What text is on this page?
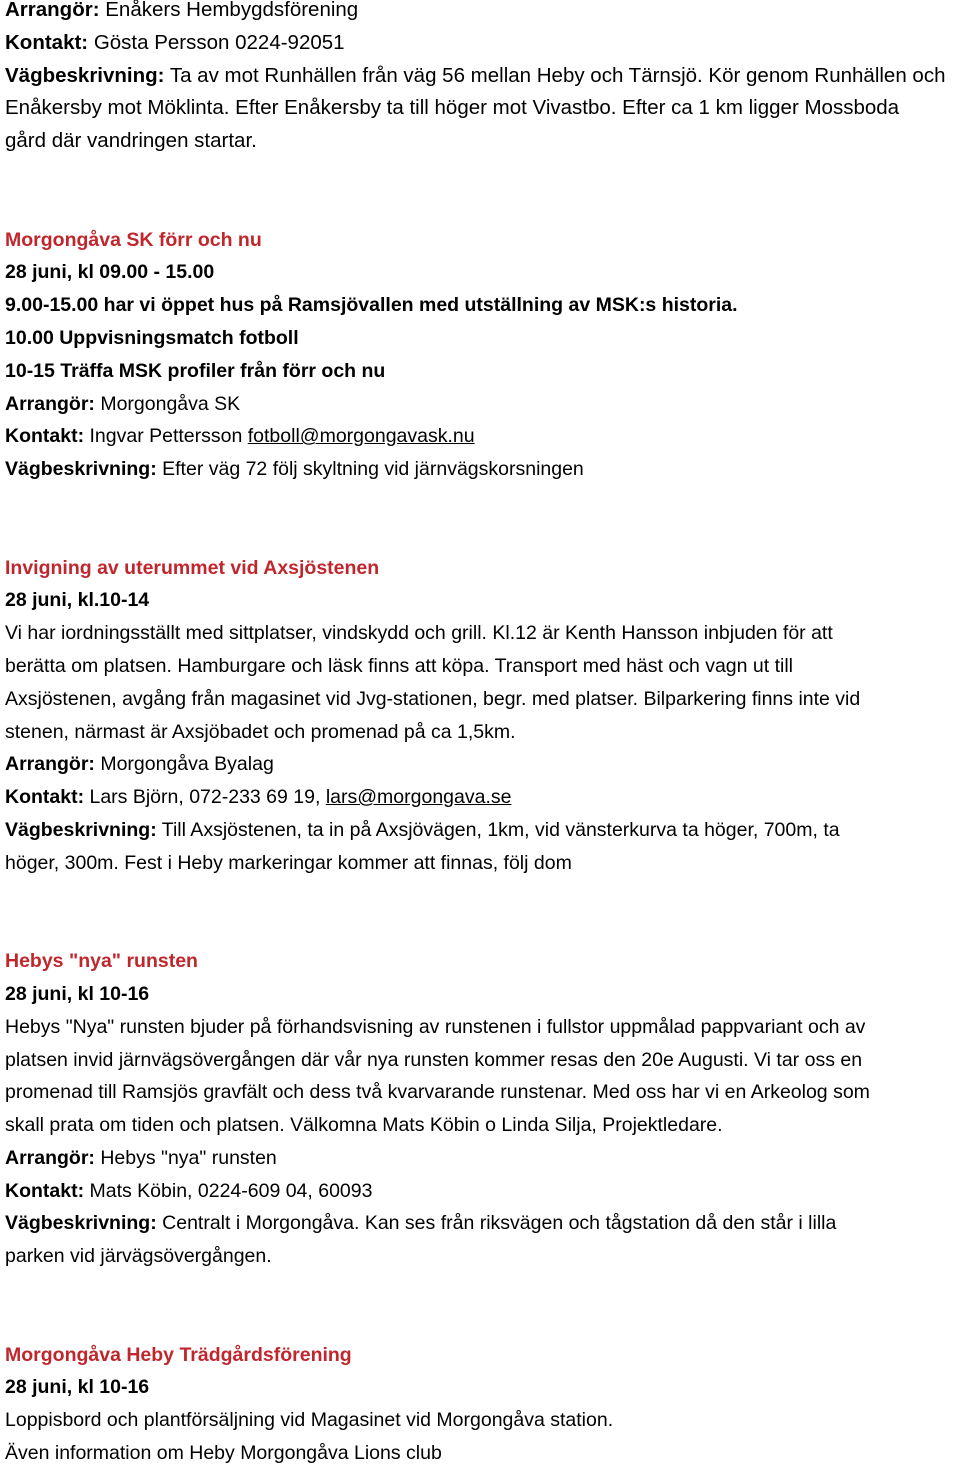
Arrangör: Enåkers Hembygdsförening
Kontakt: Gösta Persson 0224-92051
Vägbeskrivning: Ta av mot Runhällen från väg 56 mellan Heby och Tärnsjö. Kör genom Runhällen och
Enåkersby mot Möklinta. Efter Enåkersby ta till höger mot Vivastbo. Efter ca 1 km ligger Mossboda
gård där vandringen startar.
Morgongåva SK förr och nu
28 juni, kl 09.00 - 15.00
9.00-15.00 har vi öppet hus på Ramsjövallen med utställning av MSK:s historia.
10.00 Uppvisningsmatch fotboll
10-15 Träffa MSK profiler från förr och nu
Arrangör: Morgongåva SK
Kontakt: Ingvar Pettersson fotboll@morgongavask.nu
Vägbeskrivning: Efter väg 72 följ skyltning vid järnvägskorsningen
Invigning av uterummet vid Axsjöstenen
28 juni, kl.10-14
Vi har iordningsställt med sittplatser, vindskydd och grill. Kl.12 är Kenth Hansson inbjuden för att
berätta om platsen. Hamburgare och läsk finns att köpa. Transport med häst och vagn ut till
Axsjöstenen, avgång från magasinet vid Jvg-stationen, begr. med platser. Bilparkering finns inte vid
stenen, närmast är Axsjöbadet och promenad på ca 1,5km.
Arrangör: Morgongåva Byalag
Kontakt: Lars Björn, 072-233 69 19, lars@morgongava.se
Vägbeskrivning: Till Axsjöstenen, ta in på Axsjövägen, 1km, vid vänsterkurva ta höger, 700m, ta
höger, 300m. Fest i Heby markeringar kommer att finnas, följ dom
Hebys "nya" runsten
28 juni, kl 10-16
Hebys "Nya" runsten bjuder på förhandsvisning av runstenen i fullstor uppmålad pappvariant och av
platsen invid järnvägsövergången där vår nya runsten kommer resas den 20e Augusti. Vi tar oss en
promenad till Ramsjös gravfält och dess två kvarvarande runstenar. Med oss har vi en Arkeolog som
skall prata om tiden och platsen. Välkomna Mats Köbin o Linda Silja, Projektledare.
Arrangör: Hebys "nya" runsten
Kontakt: Mats Köbin, 0224-609 04, 60093
Vägbeskrivning: Centralt i Morgongåva. Kan ses från riksvägen och tågstation då den står i lilla
parken vid järvägsövergången.
Morgongåva Heby Trädgårdsförening
28 juni, kl 10-16
Loppisbord och plantförsäljning vid Magasinet vid Morgongåva station.
Även information om Heby Morgongåva Lions club
